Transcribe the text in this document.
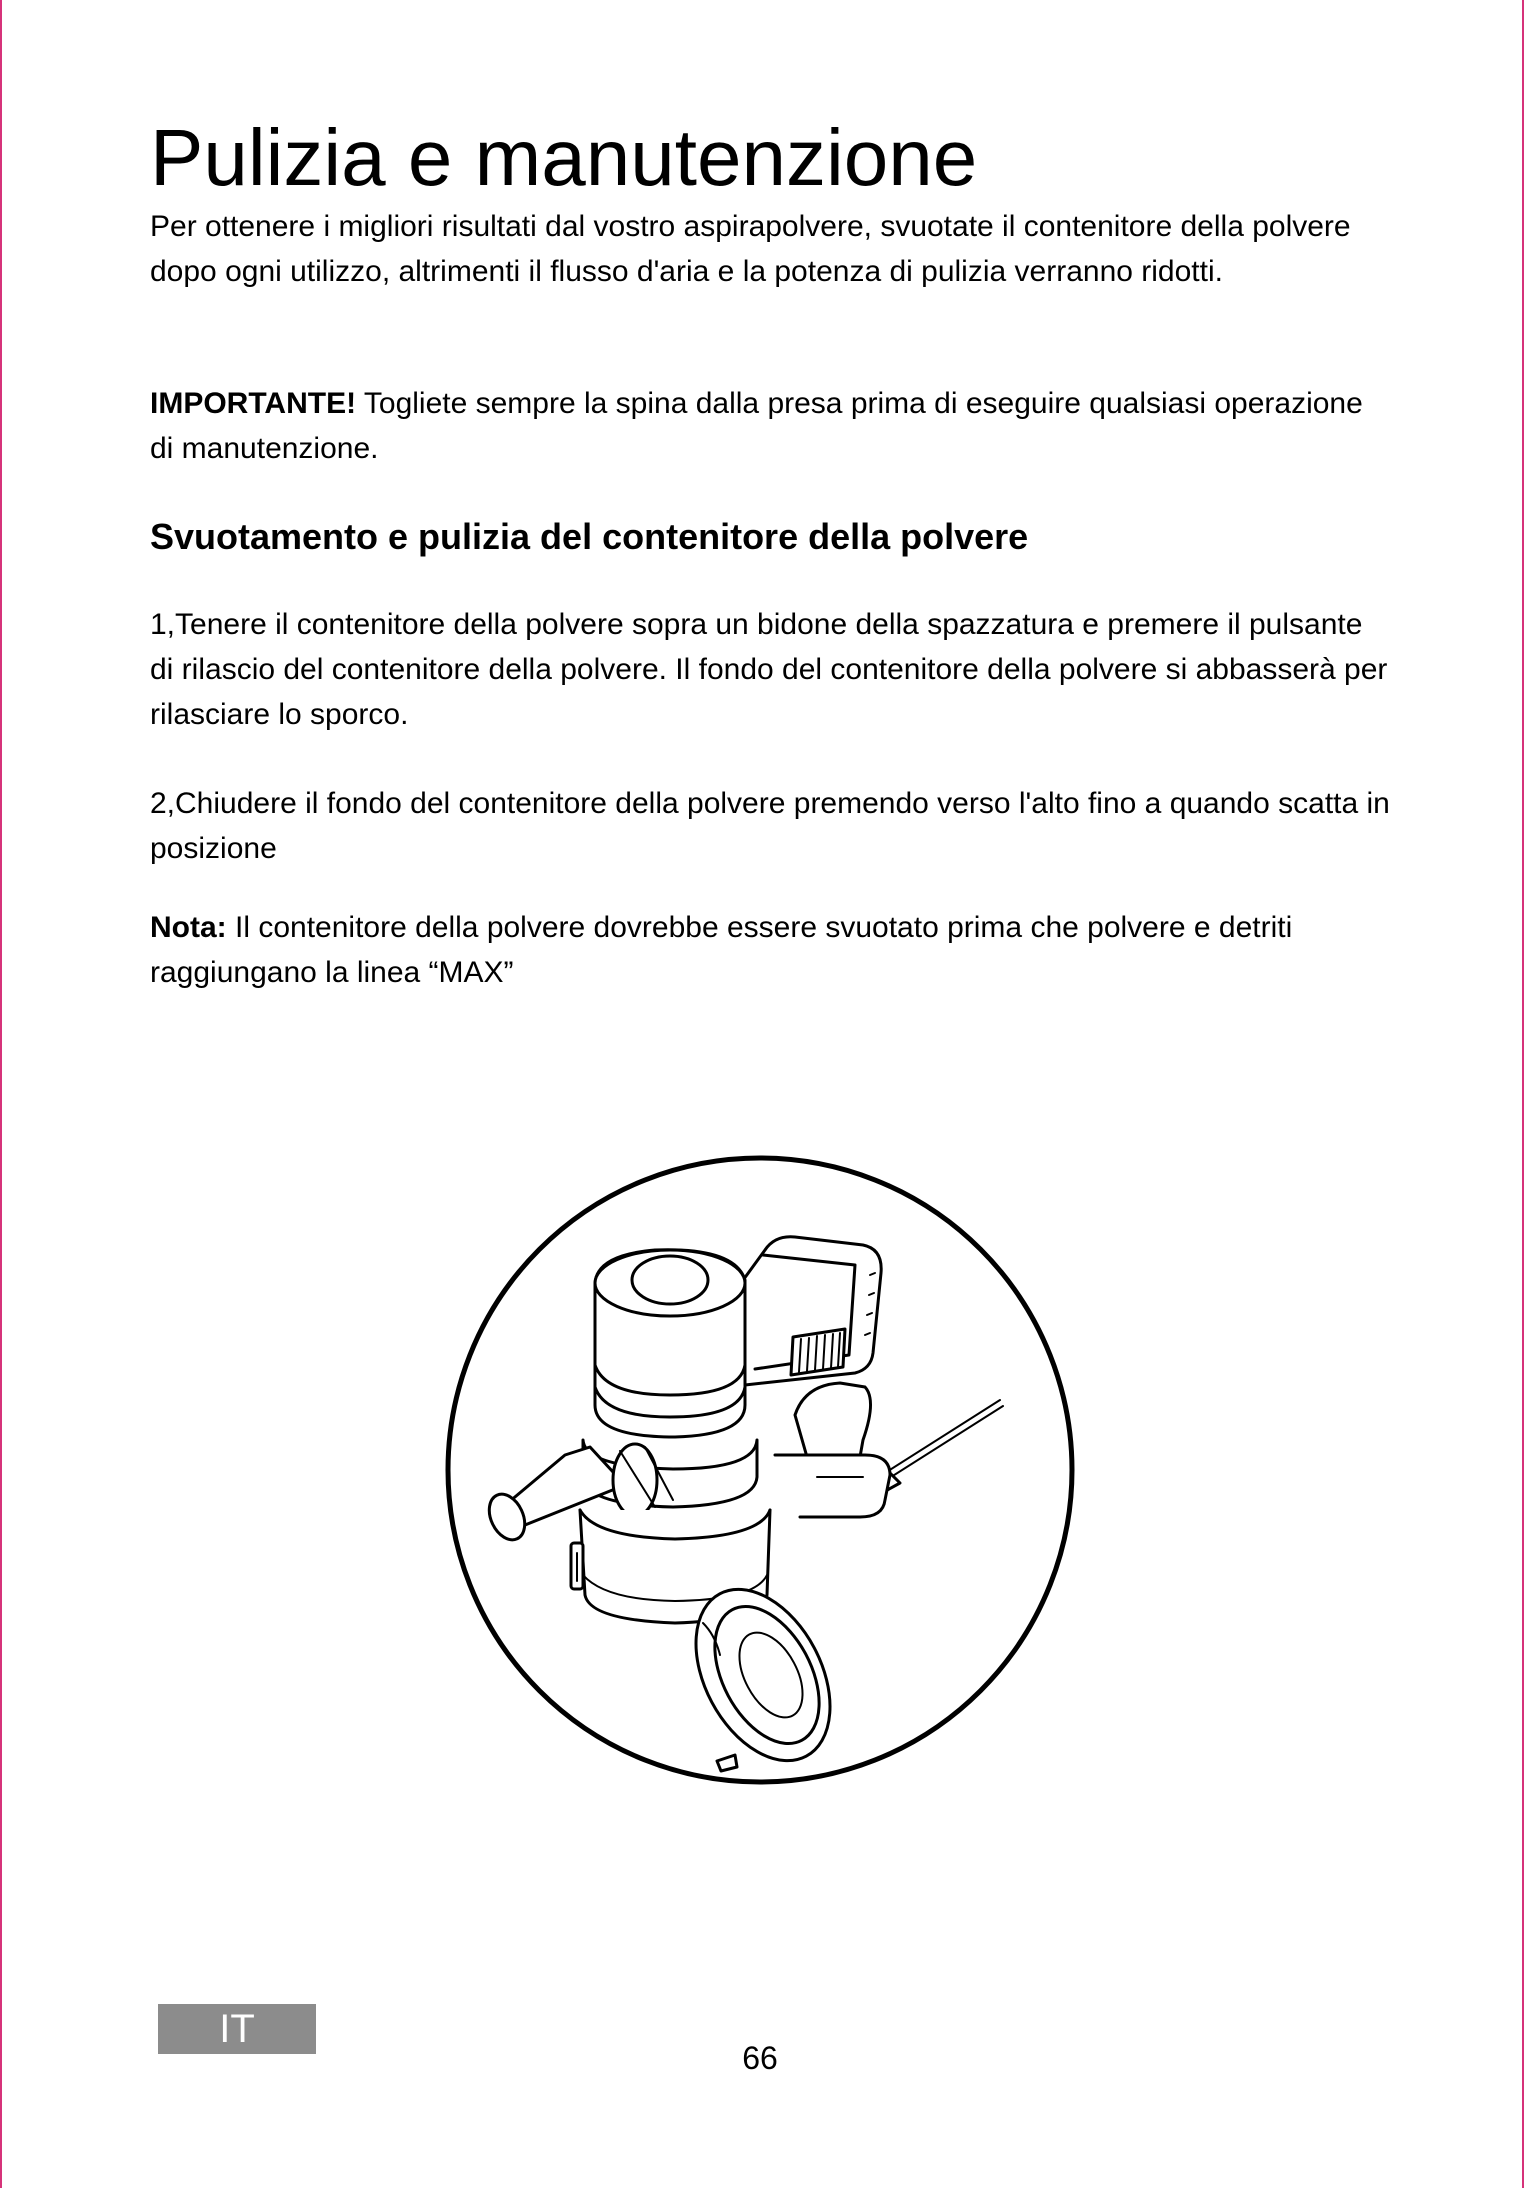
Pulizia e manutenzione

Per ottenere i migliori risultati dal vostro aspirapolvere, svuotate il contenitore della polvere dopo ogni utilizzo, altrimenti il flusso d'aria e la potenza di pulizia verranno ridotti.

IMPORTANTE! Togliete sempre la spina dalla presa prima di eseguire qualsiasi operazione di manutenzione.

Svuotamento e pulizia del contenitore della polvere

1,Tenere il contenitore della polvere sopra un bidone della spazzatura e premere il pulsante di rilascio del contenitore della polvere. Il fondo del contenitore della polvere si abbasserà per rilasciare lo sporco.

2,Chiudere il fondo del contenitore della polvere premendo verso l'alto fino a quando scatta in posizione

Nota: Il contenitore della polvere dovrebbe essere svuotato prima che polvere e detriti raggiungano la linea “MAX”

IT
66
